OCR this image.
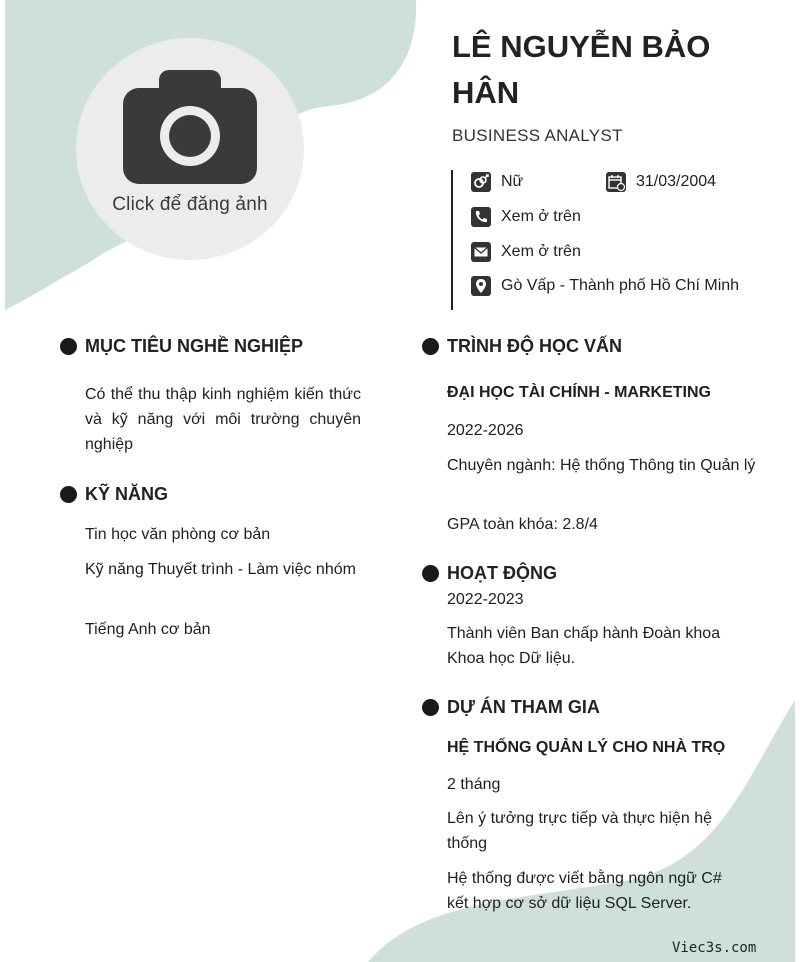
Click để đăng ảnh
LÊ NGUYỄN BẢO HÂN
BUSINESS ANALYST
Nữ	31/03/2004
Xem ở trên
Xem ở trên
Gò Vấp - Thành phố Hồ Chí Minh
MỤC TIÊU NGHỀ NGHIỆP
Có thể thu thập kinh nghiệm kiến thức và kỹ năng với môi trường chuyên nghiệp
KỸ NĂNG
Tin học văn phòng cơ bản
Kỹ năng Thuyết trình - Làm việc nhóm
Tiếng Anh cơ bản
TRÌNH ĐỘ HỌC VẤN
ĐẠI HỌC TÀI CHÍNH - MARKETING
2022-2026
Chuyên ngành: Hệ thống Thông tin Quản lý
GPA toàn khóa: 2.8/4
HOẠT ĐỘNG
2022-2023
Thành viên Ban chấp hành Đoàn khoa Khoa học Dữ liệu.
DỰ ÁN THAM GIA
HỆ THỐNG QUẢN LÝ CHO NHÀ TRỌ
2 tháng
Lên ý tưởng trực tiếp và thực hiện hệ thống
Hệ thống được viết bằng ngôn ngữ C# kết hợp cơ sở dữ liệu SQL Server.
Viec3s.com
